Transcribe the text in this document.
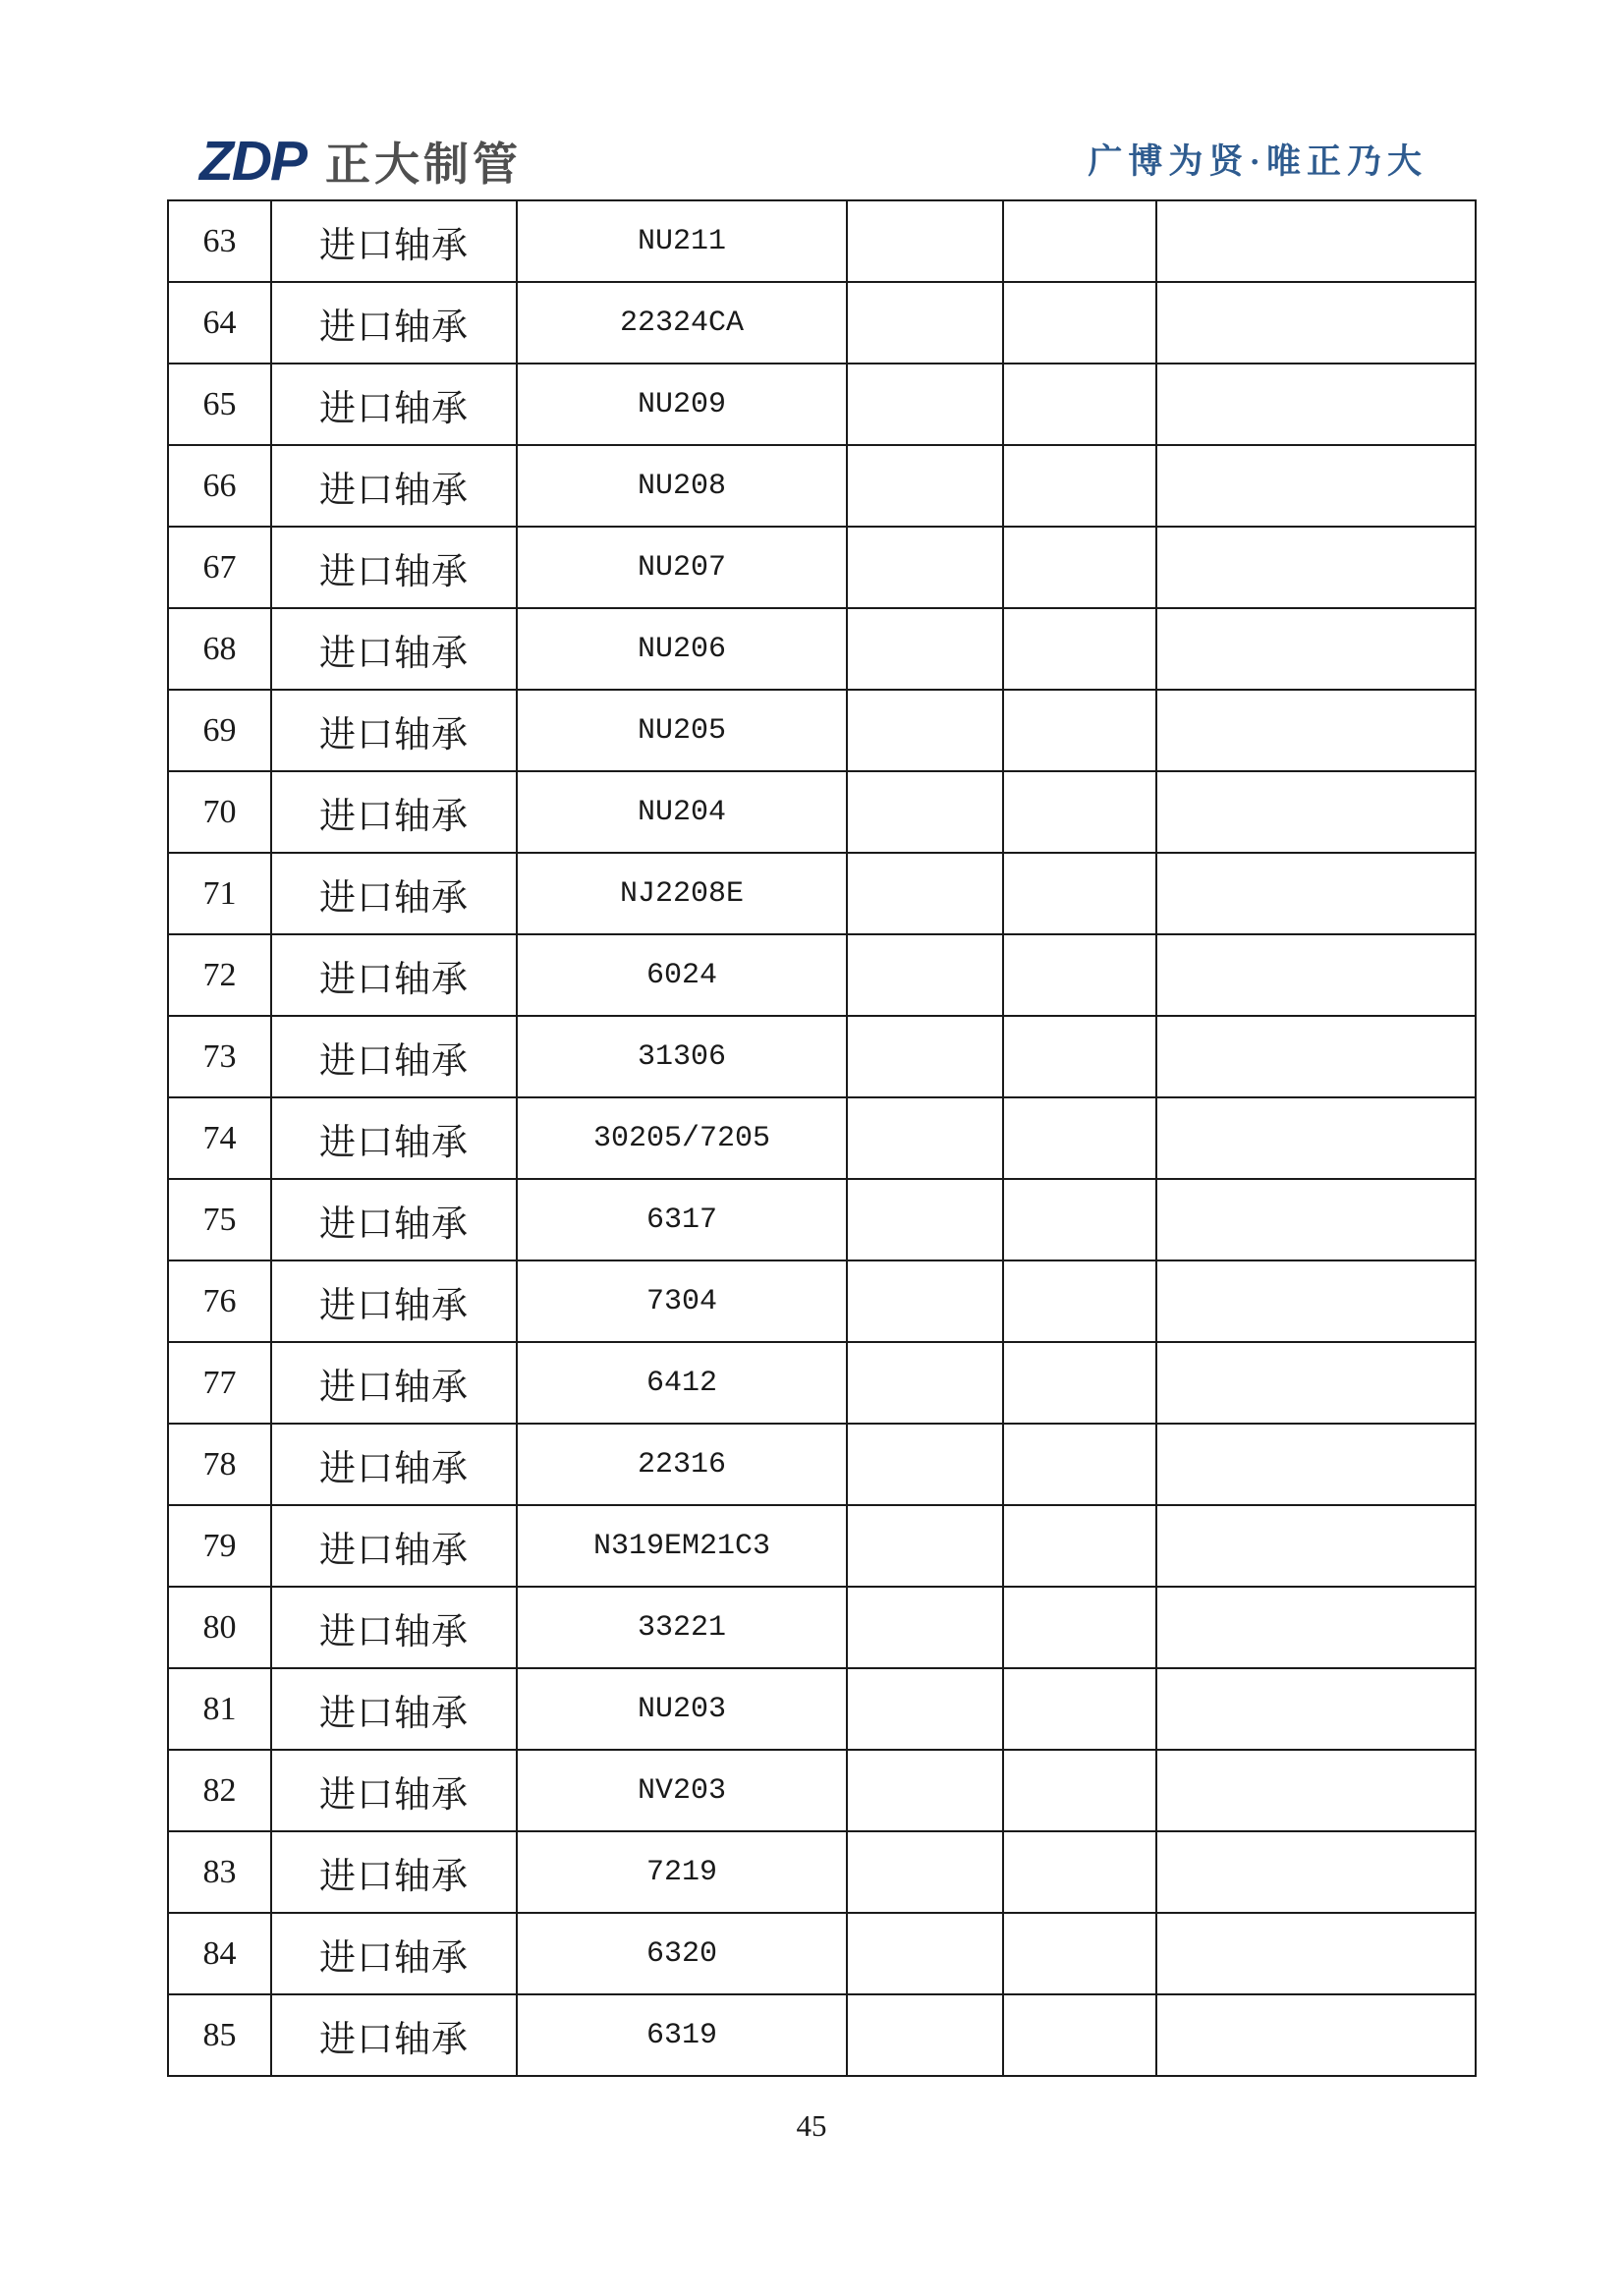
ZDP 正大制管	广博为贤·唯正乃大
63	进口轴承	NU211			
64	进口轴承	22324CA			
65	进口轴承	NU209			
66	进口轴承	NU208			
67	进口轴承	NU207			
68	进口轴承	NU206			
69	进口轴承	NU205			
70	进口轴承	NU204			
71	进口轴承	NJ2208E			
72	进口轴承	6024			
73	进口轴承	31306			
74	进口轴承	30205/7205			
75	进口轴承	6317			
76	进口轴承	7304			
77	进口轴承	6412			
78	进口轴承	22316			
79	进口轴承	N319EM21C3			
80	进口轴承	33221			
81	进口轴承	NU203			
82	进口轴承	NV203			
83	进口轴承	7219			
84	进口轴承	6320			
85	进口轴承	6319			
45
